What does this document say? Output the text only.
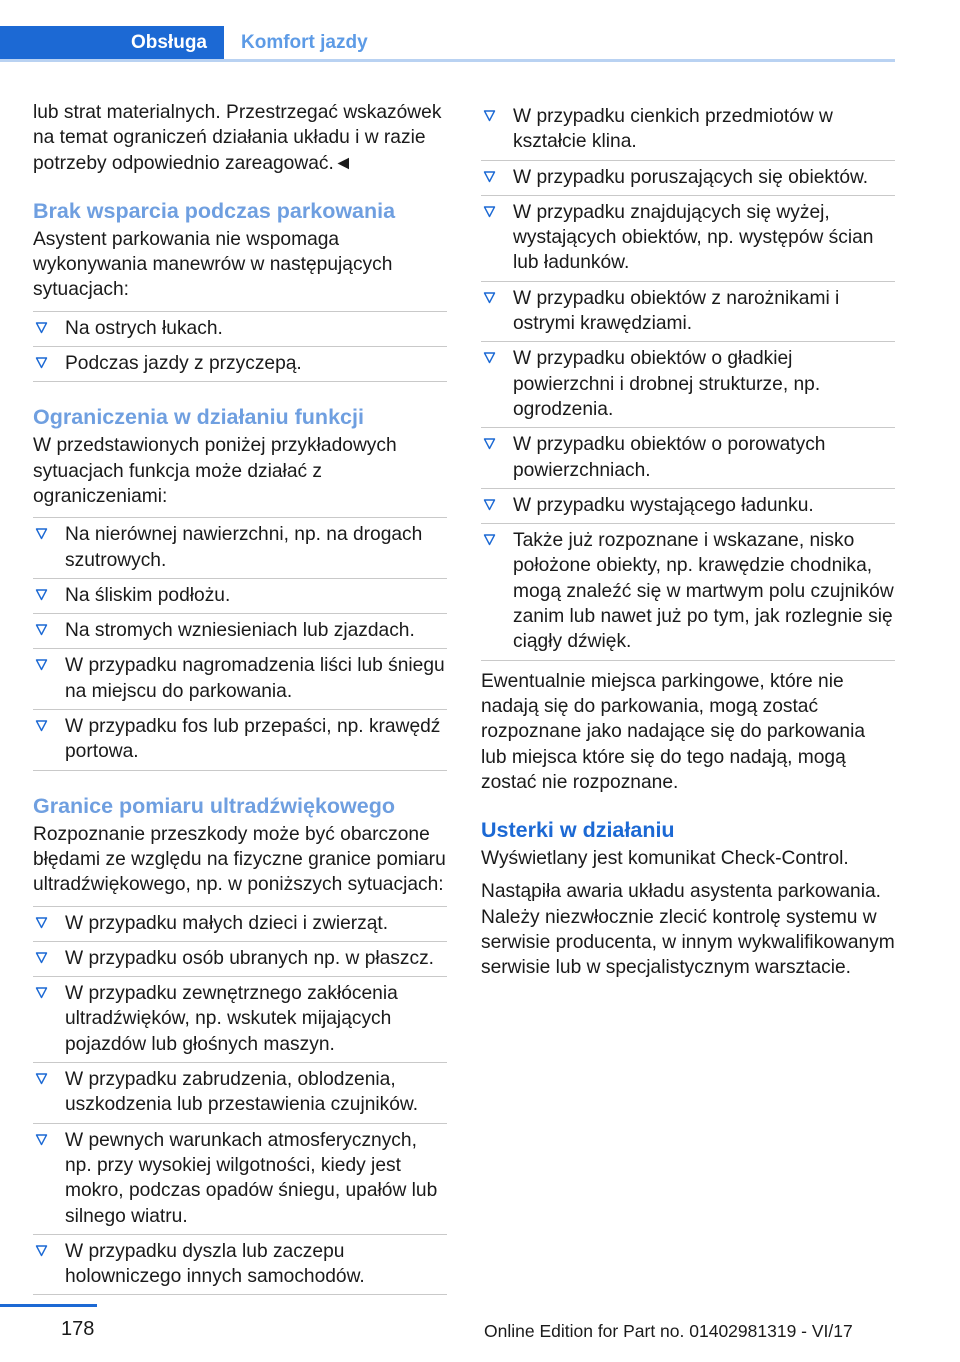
Obsługa	Komfort jazdy

lub strat materialnych. Przestrzegać wskazówek na temat ograniczeń działania układu i w razie potrzeby odpowiednio zareagować.◄

Brak wsparcia podczas parkowania

Asystent parkowania nie wspomaga wykonywania manewrów w następujących sytuacjach:

Na ostrych łukach.
Podczas jazdy z przyczepą.
Ograniczenia w działaniu funkcji

W przedstawionych poniżej przykładowych sytuacjach funkcja może działać z ograniczeniami:

Na nierównej nawierzchni, np. na drogach szutrowych.
Na śliskim podłożu.
Na stromych wzniesieniach lub zjazdach.
W przypadku nagromadzenia liści lub śniegu na miejscu do parkowania.
W przypadku fos lub przepaści, np. krawędź portowa.
Granice pomiaru ultradźwiękowego

Rozpoznanie przeszkody może być obarczone błędami ze względu na fizyczne granice pomiaru ultradźwiękowego, np. w poniższych sytuacjach:

W przypadku małych dzieci i zwierząt.
W przypadku osób ubranych np. w płaszcz.
W przypadku zewnętrznego zakłócenia ultradźwięków, np. wskutek mijających pojazdów lub głośnych maszyn.
W przypadku zabrudzenia, oblodzenia, uszkodzenia lub przestawienia czujników.
W pewnych warunkach atmosferycznych, np. przy wysokiej wilgotności, kiedy jest mokro, podczas opadów śniegu, upałów lub silnego wiatru.
W przypadku dyszla lub zaczepu holowniczego innych samochodów.
W przypadku cienkich przedmiotów w kształcie klina.
W przypadku poruszających się obiektów.
W przypadku znajdujących się wyżej, wystających obiektów, np. występów ścian lub ładunków.
W przypadku obiektów z narożnikami i ostrymi krawędziami.
W przypadku obiektów o gładkiej powierzchni i drobnej strukturze, np. ogrodzenia.
W przypadku obiektów o porowatych powierzchniach.
W przypadku wystającego ładunku.
Także już rozpoznane i wskazane, nisko położone obiekty, np. krawędzie chodnika, mogą znaleźć się w martwym polu czujników zanim lub nawet już po tym, jak rozlegnie się ciągły dźwięk.

Ewentualnie miejsca parkingowe, które nie nadają się do parkowania, mogą zostać rozpoznane jako nadające się do parkowania lub miejsca które się do tego nadają, mogą zostać nie rozpoznane.

Usterki w działaniu

Wyświetlany jest komunikat Check-Control.

Nastąpiła awaria układu asystenta parkowania. Należy niezwłocznie zlecić kontrolę systemu w serwisie producenta, w innym wykwalifikowanym serwisie lub w specjalistycznym warsztacie.

178	Online Edition for Part no. 01402981319 - VI/17
